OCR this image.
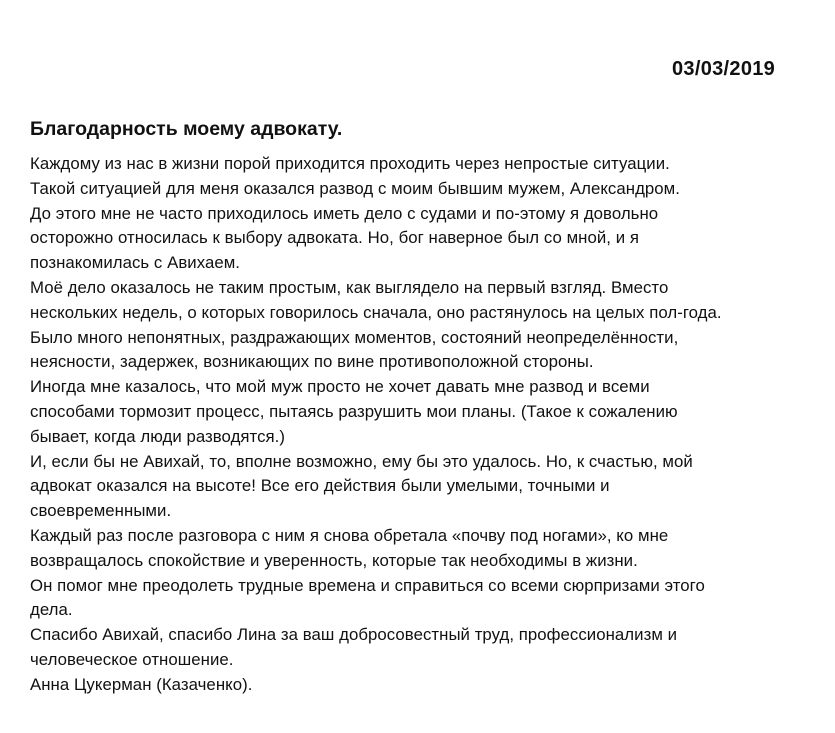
03/03/2019
Благодарность моему адвокату.
Каждому из нас в жизни порой приходится проходить через непростые ситуации.
Такой ситуацией для меня оказался развод с моим бывшим мужем, Александром.
До этого мне не часто приходилось иметь дело с судами и по-этому я довольно
осторожно относилась к выбору адвоката. Но, бог наверное был со мной, и я
познакомилась с Авихаем.
Моё дело оказалось не таким простым, как выглядело на первый взгляд. Вместо
нескольких недель, о которых говорилось сначала, оно растянулось на целых пол-года.
Было много непонятных, раздражающих моментов, состояний неопределённости,
неясности, задержек, возникающих по вине противоположной стороны.
Иногда мне казалось, что мой муж просто не хочет давать мне развод и всеми
способами тормозит процесс, пытаясь разрушить мои планы. (Такое к сожалению
бывает, когда люди разводятся.)
И, если бы не Авихай, то, вполне возможно, ему бы это удалось. Но, к счастью, мой
адвокат оказался на высоте! Все его действия были умелыми, точными и
своевременными.
Каждый раз после разговора с ним я снова обретала «почву под ногами», ко мне
возвращалось спокойствие и уверенность, которые так необходимы в жизни.
Он помог мне преодолеть трудные времена и справиться со всеми сюрпризами этого
дела.
Спасибо Авихай, спасибо Лина за ваш добросовестный труд, профессионализм и
человеческое отношение.
Анна Цукерман (Казаченко).
